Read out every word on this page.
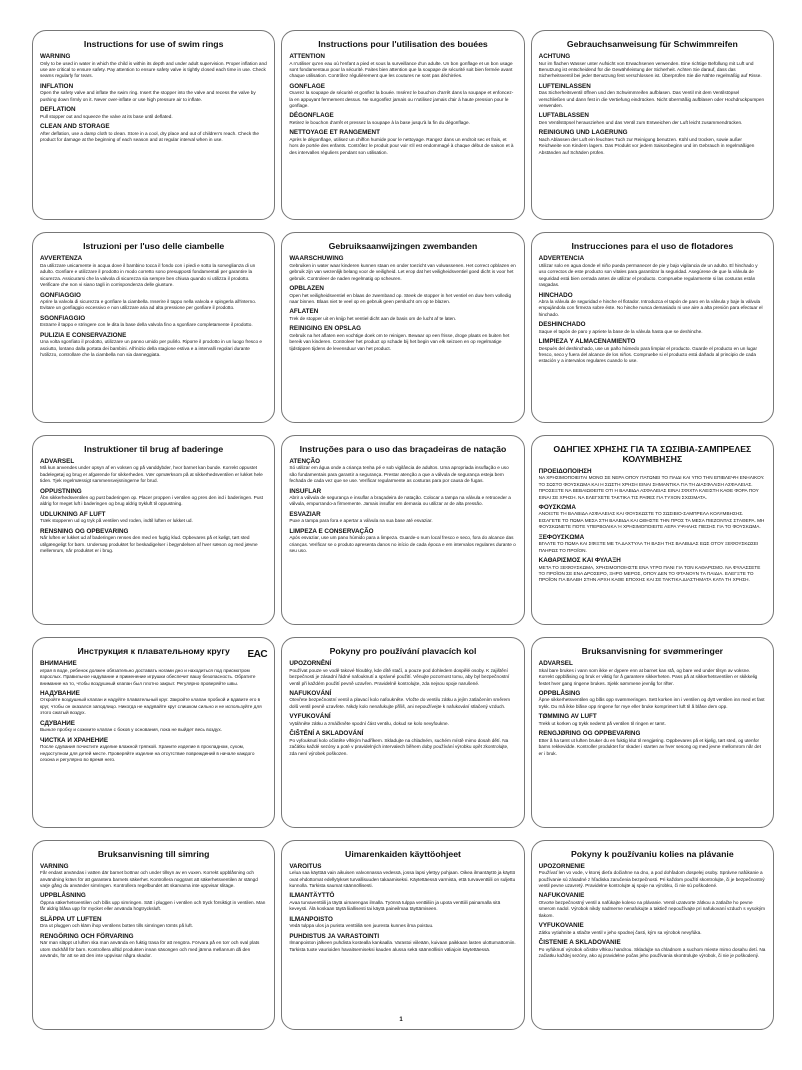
Instructions for use of swim rings
WARNING

Only to be used in water in which the child is within its depth and under adult supervision. Proper inflation and use are critical to ensure safety. Pay attention to ensure safety valve is tightly closed each time in use. Check seams regularly for tears.

INFLATION

Open the safety valve and inflate the swim ring. Insert the stopper into the valve and recess the valve by pushing down firmly on it. Never over-inflate or use high pressure air to inflate.

DEFLATION

Pull stopper out and squeeze the valve at its base until deflated.

CLEAN AND STORAGE

After deflation, use a damp cloth to clean. Store in a cool, dry place and out of children's reach. Check the product for damage at the beginning of each season and at regular interval when in use.

Instructions pour l'utilisation des bouées
ATTENTION

A n'utiliser qu'en eau où l'enfant a pied et sous la surveillance d'un adulte. Un bon gonflage et un bon usage sont fondamentaux pour la sécurité. Faites bien attention que la soupape de sécurité soit bien fermée avant chaque utilisation. Contrôlez régulièrement que les coutures ne sont pas déchirées.

GONFLAGE

Ouvrez la soupape de sécurité et gonflez la bouée. Insérez le bouchon d'arrêt dans la soupape et enfoncez-la en appuyant fermement dessus. Ne surgonflez jamais ou n'utilisez jamais d'air à haute pression pour le gonflage.

DÉGONFLAGE

Retirez le bouchon d'arrêt et pressez la soupape à la base jusqu'à la fin du dégonflage.

NETTOYAGE ET RANGEMENT

Après le dégonflage, utilisez un chiffon humide pour le nettoyage. Rangez dans un endroit sec et frais, et hors de portée des enfants. Contrôlez le produit pour voir s'il est endommagé à chaque début de saison et à des intervalles réguliers pendant son utilisation.

Gebrauchsanweisung für Schwimmreifen
ACHTUNG

Nur im flachen Wasser unter Aufsicht von Erwachsenen verwenden. Eine richtige Befüllung mit Luft und Benutzung ist entscheidend für die Gewährleistung der Sicherheit. Achten Sie darauf, dass das Sicherheitsventil bei jeder Benutzung fest verschlossen ist. Überprüfen Sie die Nähte regelmäßig auf Risse.

LUFTEINLASSEN

Das Sicherheitsventil öffnen und den Schwimmreifen aufblasen. Das Ventil mit dem Ventilstöpsel verschließen und dann fest in die Vertiefung eindrücken. Nicht übermäßig aufblasen oder Hochdruckpumpen verwenden.

LUFTABLASSEN

Den Ventilstöpsel herausziehen und das Ventil zum Entweichen der Luft leicht zusammendrücken.

REINIGUNG UND LAGERUNG

Nach Ablassen der Luft ein feuchtes Tuch zur Reinigung benutzen. Kühl und trocken, sowie außer Reichweite von Kindern lagern. Das Produkt vor jedem Saisonbeginn und im Gebrauch in regelmäßigen Abständen auf Schäden prüfen.

Istruzioni per l'uso delle ciambelle
AVVERTENZA

Da utilizzare unicamente in acqua dove il bambino tocca il fondo con i piedi e sotto la sorveglianza di un adulto. Gonfiare e utilizzare il prodotto in modo corretto sono presupposti fondamentali per garantire la sicurezza. Assicurarsi che la valvola di sicurezza sia sempre ben chiusa quando si utilizza il prodotto. Verificare che non vi siano tagli in corrispondenza delle giunture.

GONFIAGGIO

Aprire la valvola di sicurezza e gonfiare la ciambella. Inserire il tappo nella valvola e spingerla all'interno. Evitare un gonfiaggio eccessivo e non utilizzare aria ad alta pressione per gonfiare il prodotto.

SGONFIAGGIO

Estrarre il tappo e stringere con le dita la base della valvola fino a sgonfiare completamente il prodotto.

PULIZIA E CONSERVAZIONE

Una volta sgonfiato il prodotto, utilizzare un panno umido per pulirlo. Riporre il prodotto in un luogo fresco e asciutto, lontano dalla portata dei bambini. All'inizio della stagione estiva e a intervalli regolari durante l'utilizzo, controllare che la ciambella non sia danneggiata.

Gebruiksaanwijzingen zwembanden
WAARSCHUWING

Gebruiken in water waar kinderen kunnen staan en onder toezicht van volwassenen. Het correct opblazen en gebruik zijn van wezenlijk belang voor de veiligheid. Let erop dat het veiligheidsventiel goed dicht is voor het gebruik. Controleer de naden regelmatig op scheuren.

OPBLAZEN

Open het veiligheidsventiel en blaas de zwemband op. Steek de stopper in het ventiel en duw hem volledig naar binnen. Blaas niet te veel op en gebruik geen perslucht om op te blazen.

AFLATEN

Trek de stopper uit en knijp het ventiel dicht aan de basis om de lucht af te laten.

REINIGING EN OPSLAG

Gebruik na het aflaten een vochtige doek om te reinigen. Bewaar op een frisse, droge plaats en buiten het bereik van kinderen. Controleer het product op schade bij het begin van elk seizoen en op regelmatige tijdstippen tijdens de levensduur van het product.

Instrucciones para el uso de flotadores
ADVERTENCIA

Utilizar solo en agua donde el niño pueda permanecer de pie y bajo vigilancia de un adulto. El hinchado y uso correctos de este producto son vitales para garantizar la seguridad. Asegúrese de que la válvula de seguridad está bien cerrada antes de utilizar el producto. Compruebe regularmente si las costuras están rasgadas.

HINCHADO

Abra la válvula de seguridad e hinche el flotador. Introduzca el tapón de paro en la válvula y baje la válvula empujándola con firmeza sobre éste. No hinche nunca demasiado ni use aire a alta presión para efectuar el hinchado.

DESHINCHADO

Saque el tapón de paro y apriete la base de la válvula hasta que se deshinche.

LIMPIEZA Y ALMACENAMIENTO

Después del deshinchado, use un paño húmedo para limpiar el producto. Guarde el producto en un lugar fresco, seco y fuera del alcance de los niños. Compruebe si el producto está dañado al principio de cada estación y a intervalos regulares cuando lo use.

Instruktioner til brug af baderinge
ADVARSEL

Må kun anvendes under opsyn af en voksen og på vanddybder, hvor barnet kan bunde. Korrekt oppustet badelegetøj og brug er afgørende for sikkerheden. Vær opmærksom på at sikkerhedsventilen er lukket hele tiden. Tjek regelmæssigt sammensvejsningerne for brud.

OPPUSTNING

Åbn sikkerhedsventilen og pust baderingen op. Placer proppen i ventilen og pres den ind i baderingen. Pust aldrig for meget luft i baderingen og brug aldrig trykluft til oppustning.

UDLUKNING AF LUFT

Træk stopperen ud og tryk på ventilen ved roden, indtil luften er lukket ud.

RENSNING OG OPBEVARING

Når luften er lukket ud af baderingen renses den med en fugtig klud. Opbevares på et køligt, tørt sted utilgængeligt for børn. Undersøg produktet for beskadigelser i begyndelsen af hver sæson og med jævne mellemrum, når produktet er i brug.

Instruções para o uso das braçadeiras de natação
ATENÇÃO

Só utilizar em água onde a criança tenha pé e sob vigilância de adultos. Uma apropriada insuflação e uso são fundamentais para garantir a segurança. Prestar atenção a que a válvula de segurança esteja bem fechada de cada vez que se use. Verificar regularmente as costuras para por causa de fugas.

INSUFLAR

Abrir a válvula de segurança e insuflar a braçadeira de natação. Colocar a tampa na válvula e retroceder a válvula, empurrando-a firmemente. Jamais insuflar em demasia ou utilizar ar de alta pressão.

ESVAZIAR

Puxe a tampa para fora e apertar a válvula na sua base até esvaziar.

LIMPEZA E CONSERVAÇÃO

Após esvaziar, use um pano húmido para a limpeza. Guarde-o num local fresco e seco, fora do alcance das crianças. Verificar se o produto apresenta danos no início de cada época e em intervalos regulares durante o seu uso.

ΟΔΗΓΙΕΣ ΧΡΗΣΗΣ ΓΙΑ ΤΑ ΣΩΣΙΒΙΑ-ΣΑΜΠΡΕΛΕΣ ΚΟΛΥΜΒΗΣΗΣ
ΠΡΟΕΙΔΟΠΟΙΗΣΗ

ΝΑ ΧΡΗΣΙΜΟΠΟΙΕΙΤΑΙ ΜΟΝΟ ΣΕ ΝΕΡΑ ΟΠΟΥ ΠΑΤΩΝΕΙ ΤΟ ΠΑΙΔΙ ΚΑΙ ΥΠΟ ΤΗΝ ΕΠΙΒΛΕΨΗ ΕΝΗΛΙΚΟΥ. ΤΟ ΣΩΣΤΟ ΦΟΥΣΚΩΜΑ ΚΑΙ Η ΣΩΣΤΗ ΧΡΗΣΗ ΕΙΝΑΙ ΣΗΜΑΝΤΙΚΑ ΓΙΑ ΤΗ ΔΙΑΣΦΑΛΙΣΗ ΑΣΦΑΛΕΙΑΣ. ΠΡΟΣΕΞΤΕ ΝΑ ΒΕΒΑΙΩΘΕΙΤΕ ΟΤΙ Η ΒΑΛΒΙΔΑ ΑΣΦΑΛΕΙΑΣ ΕΙΝΑΙ ΣΦΙΧΤΑ ΚΛΕΙΣΤΗ ΚΑΘΕ ΦΟΡΑ ΠΟΥ ΕΙΝΑΙ ΣΕ ΧΡΗΣΗ. ΝΑ ΕΛΕΓΧΕΤΕ ΤΑΚΤΙΚΑ ΤΙΣ ΡΑΦΕΣ ΓΙΑ ΤΥΧΟΝ ΣΧΙΣΙΜΑΤΑ.

ΦΟΥΣΚΩΜΑ

ΑΝΟΙΞΤΕ ΤΗ ΒΑΛΒΙΔΑ ΑΣΦΑΛΕΙΑΣ ΚΑΙ ΦΟΥΣΚΩΣΤΕ ΤΟ ΣΩΣΙΒΙΟ-ΣΑΜΠΡΕΛΑ ΚΟΛΥΜΒΗΣΗΣ. ΕΙΣΑΓΕΤΕ ΤΟ ΠΩΜΑ ΜΕΣΑ ΣΤΗ ΒΑΛΒΙΔΑ ΚΑΙ ΩΘΗΣΤΕ ΤΗΝ ΠΡΟΣ ΤΑ ΜΕΣΑ ΠΙΕΖΟΝΤΑΣ ΣΤΑΘΕΡΑ. ΜΗ ΦΟΥΣΚΩΝΕΤΕ ΠΟΤΕ ΥΠΕΡΒΟΛΙΚΑ Ή ΧΡΗΣΙΜΟΠΟΙΕΙΤΕ ΑΕΡΑ ΥΨΗΛΗΣ ΠΙΕΣΗΣ ΓΙΑ ΤΟ ΦΟΥΣΚΩΜΑ.

ΞΕΦΟΥΣΚΩΜΑ

ΒΓΑΛΤΕ ΤΟ ΠΩΜΑ ΚΑΙ ΣΦΙΞΤΕ ΜΕ ΤΑ ΔΑΧΤΥΛΑ ΤΗ ΒΑΣΗ ΤΗΣ ΒΑΛΒΙΔΑΣ ΕΩΣ ΟΤΟΥ ΞΕΦΟΥΣΚΩΣΕΙ ΠΛΗΡΩΣ ΤΟ ΠΡΟΪΟΝ.

ΚΑΘΑΡΙΣΜΟΣ ΚΑΙ ΦΥΛΑΞΗ

ΜΕΤΑ ΤΟ ΞΕΦΟΥΣΚΩΜΑ, ΧΡΗΣΙΜΟΠΟΙΗΣΤΕ ΕΝΑ ΥΓΡΟ ΠΑΝΙ ΓΙΑ ΤΟΝ ΚΑΘΑΡΙΣΜΟ. ΝΑ ΦΥΛΑΣΣΕΤΕ ΤΟ ΠΡΟΪΟΝ ΣΕ ΕΝΑ ΔΡΟΣΕΡΟ, ΞΗΡΟ ΜΕΡΟΣ, ΟΠΟΥ ΔΕΝ ΤΟ ΦΤΑΝΟΥΝ ΤΑ ΠΑΙΔΙΑ. ΕΛΕΓΞΤΕ ΤΟ ΠΡΟΪΟΝ ΓΙΑ ΒΛΑΒΗ ΣΤΗΝ ΑΡΧΗ ΚΑΘΕ ΕΠΟΧΗΣ ΚΑΙ ΣΕ ΤΑΚΤΙΚΑ ΔΙΑΣΤΗΜΑΤΑ ΚΑΤΑ ΤΗ ΧΡΗΣΗ.

Инструкция к плавательному кругу	EAC
ВНИМАНИЕ

играя в воде, ребенок должен обязательно доставать ногами дно и находиться под присмотром взрослых. Правильное надувание и применение игрушки обеспечит вашу безопасность. Обратите внимание на то, чтобы воздушный клапан был плотно закрыт. Регулярно проверяйте швы.

НАДУВАНИЕ

Откройте воздушный клапан и надуйте плавательный круг. Закройте клапан пробкой и вдавите его в круг, чтобы он оказался заподлицо. Никогда не надувайте круг слишком сильно и не используйте для этого сжатый воздух.

СДУВАНИЕ

Выньте пробку и сожмите клапан с боков у основания, пока не выйдет весь воздух.

ЧИСТКА И ХРАНЕНИЕ

После сдувания почистите изделие влажной тряпкой. Храните изделие в прохладном, сухом, недоступном для детей месте. Проверяйте изделие на отсутствие повреждений в начале каждого сезона и регулярно во время него.

Pokyny pro používání plavacích kol
UPOZORNĚNÍ

Používat pouze ve vodě takové hloubky, kde dítě stačí, a pouze pod dohledem dospělé osoby. K zajištění bezpečnosti je zásadní řádné nafouknutí a správné použití. Věnujte pozornost tomu, aby byl bezpečnostní ventil při každém použití pevně uzavřen. Pravidelně kontrolujte, zda nejsou spoje narušené.

NAFUKOVÁNÍ

Otevřete bezpečnostní ventil a plavací kolo nafoukněte. Vložte do ventilu zátku a jejím zatlačením směrem dolů ventil pevně uzavřete. Nikdy kolo nenafukujte příliš, ani nepoužívejte k nafukování stlačený vzduch.

VYFUKOVÁNÍ

Vytáhněte zátku a zmáčkněte spodní část ventilu, dokud se kolo nevyfoukne.

ČIŠTĚNÍ A SKLADOVÁNÍ

Po vyfouknutí kolo očistěte vlhkým hadříkem. Skladujte na chladném, suchém místě mimo dosah dětí. Na začátku každé sezóny a poté v pravidelných intervalech během doby používání výrobku opět zkontrolujte, zda není výrobek poškozen.

Bruksanvisning for svømmeringer
ADVARSEL

Skal bare brukes i vann som ikke er dypere enn at barnet kan stå, og bare ved under tilsyn av voksne. Korrekt oppblåsing og bruk er viktig for å garantere sikkerheten. Pass på at sikkerhetsventilen er skikkelig festet hver gang ringene brukes. Sjekk sømmene jevnlig for rifter.

OPPBLÅSING

Åpne sikkerhetsventilen og blås opp svømmeringen. Sett korken inn i ventilen og dytt ventilen inn med et fast trykk. Du må ikke blåse opp ringene for mye eller bruke komprimert luft til å blåse dem opp.

TØMMING AV LUFT

Trekk ut korken og trykk nederst på ventilen til ringen er tømt.

RENGJØRING OG OPPBEVARING

Etter å ha tømt ut luften bruker du en fuktig klut til rengjøring. Oppbevares på et kjølig, tørt sted, og utenfor barns rekkevidde. Kontroller produktet for skader i starten av hver sesong og med jevne mellomrom når det er i bruk.

Bruksanvisning till simring
VARNING

Får endast användas i vatten där barnet bottnar och under tillsyn av en vuxen. Korrekt uppblåsning och användning krävs för att garantera barnets säkerhet. Kontrollera noggrant att säkerhetsventilen är stängd varje gång du använder simringen. Kontrollera regelbundet att skarvarna inte uppvisar slitage.

UPPBLÅSNING

Öppna säkerhetsventilen och blås upp simringen. Sätt i pluggen i ventilen och tryck försiktigt in ventilen. Man får aldrig blåsa upp för mycket eller använda högtrycksluft.

SLÄPPA UT LUFTEN

Dra ut pluggen och kläm ihop ventilens botten tills simringen tömts på luft.

RENGÖRING OCH FÖRVARING

När man släppt ut luften ska man använda en fuktig trasa för att rengöra. Förvara på en torr och sval plats utom räckhåll för barn. Kontrollera alltid produkten innan säsongen och med jämna mellanrum då den används, för att se att den inte uppvisar några skador.

Uimarenkaiden käyttöohjeet
VAROITUS

Lelua saa käyttää vain aikuisen valvonnassa vedessä, jossa lapsi ylettyy pohjaan. Oikea ilmantäyttö ja käyttö ovat ehdottomat edellytykset turvallisuuden takaamiseksi. Käytettäessä varmista, että turvaventtiili on suljettu kunnolla. Tarkista saumat säännöllisesti.

ILMANTÄYTTÖ

Avaa turvaventtiili ja täytä uimarengas ilmalla. Työnnä tulppa venttiiliin ja upota venttiili painamalla sitä keveysti. Älä koskaan täytä liiallisesti tai käytä paineilmaa täyttämiseen.

ILMANPOISTO

Vedä tulppa ulos ja purista venttiiliä sen juuresta kunnes ilma poistuu.

PUHDISTUS JA VARASTOINTI

Ilmanpoiston jälkeen puhdista kostealla kankaalla. Varastoi viileään, kuivaan paikkaan lasten ulottumattomiin. Tarkista tuote vaurioiden havaitsemiseksi kauden alussa sekä säännöllisin väliajoin käytettäessä.

Pokyny k používaniu kolies na plávanie
UPOZORNENIE

Používať len vo vode, v ktorej dieťa dočiahne na dno, a pod dohľadom dospelej osoby. Správne nafúkanie a používanie sú zásadné z hľadiska zaručenia bezpečnosti. Pri každom použití skontrolujte, či je bezpečnostný ventil pevne uzavretý. Pravidelne kontrolujte aj spoje na výrobku, či nie sú poškodené.

NAFUKOVANIE

Otvorte bezpečnostný ventil a nafúkajte koleso na plávanie. Ventil uzatvorte zátkou a zatlačte ho pevne smerom nadol. Výrobok nikdy nadmerne nenafukujte a taktiež nepoužívajte pri nafukovaní vzduch s vysokým tlakom.

VYFUKOVANIE

Zátku vytiahnite a stlačte ventil v jeho spodnej časti, kým sa výrobok nevyfúka.

ČISTENIE A SKLADOVANIE

Po vyfúknutí výrobok očistite vlhkou handrou. Skladujte na chladnom a suchom mieste mimo dosahu detí. Na začiatku každej sezóny, ako aj pravidelne počas jeho používania skontrolujte výrobok, či nie je poškodený.

1
